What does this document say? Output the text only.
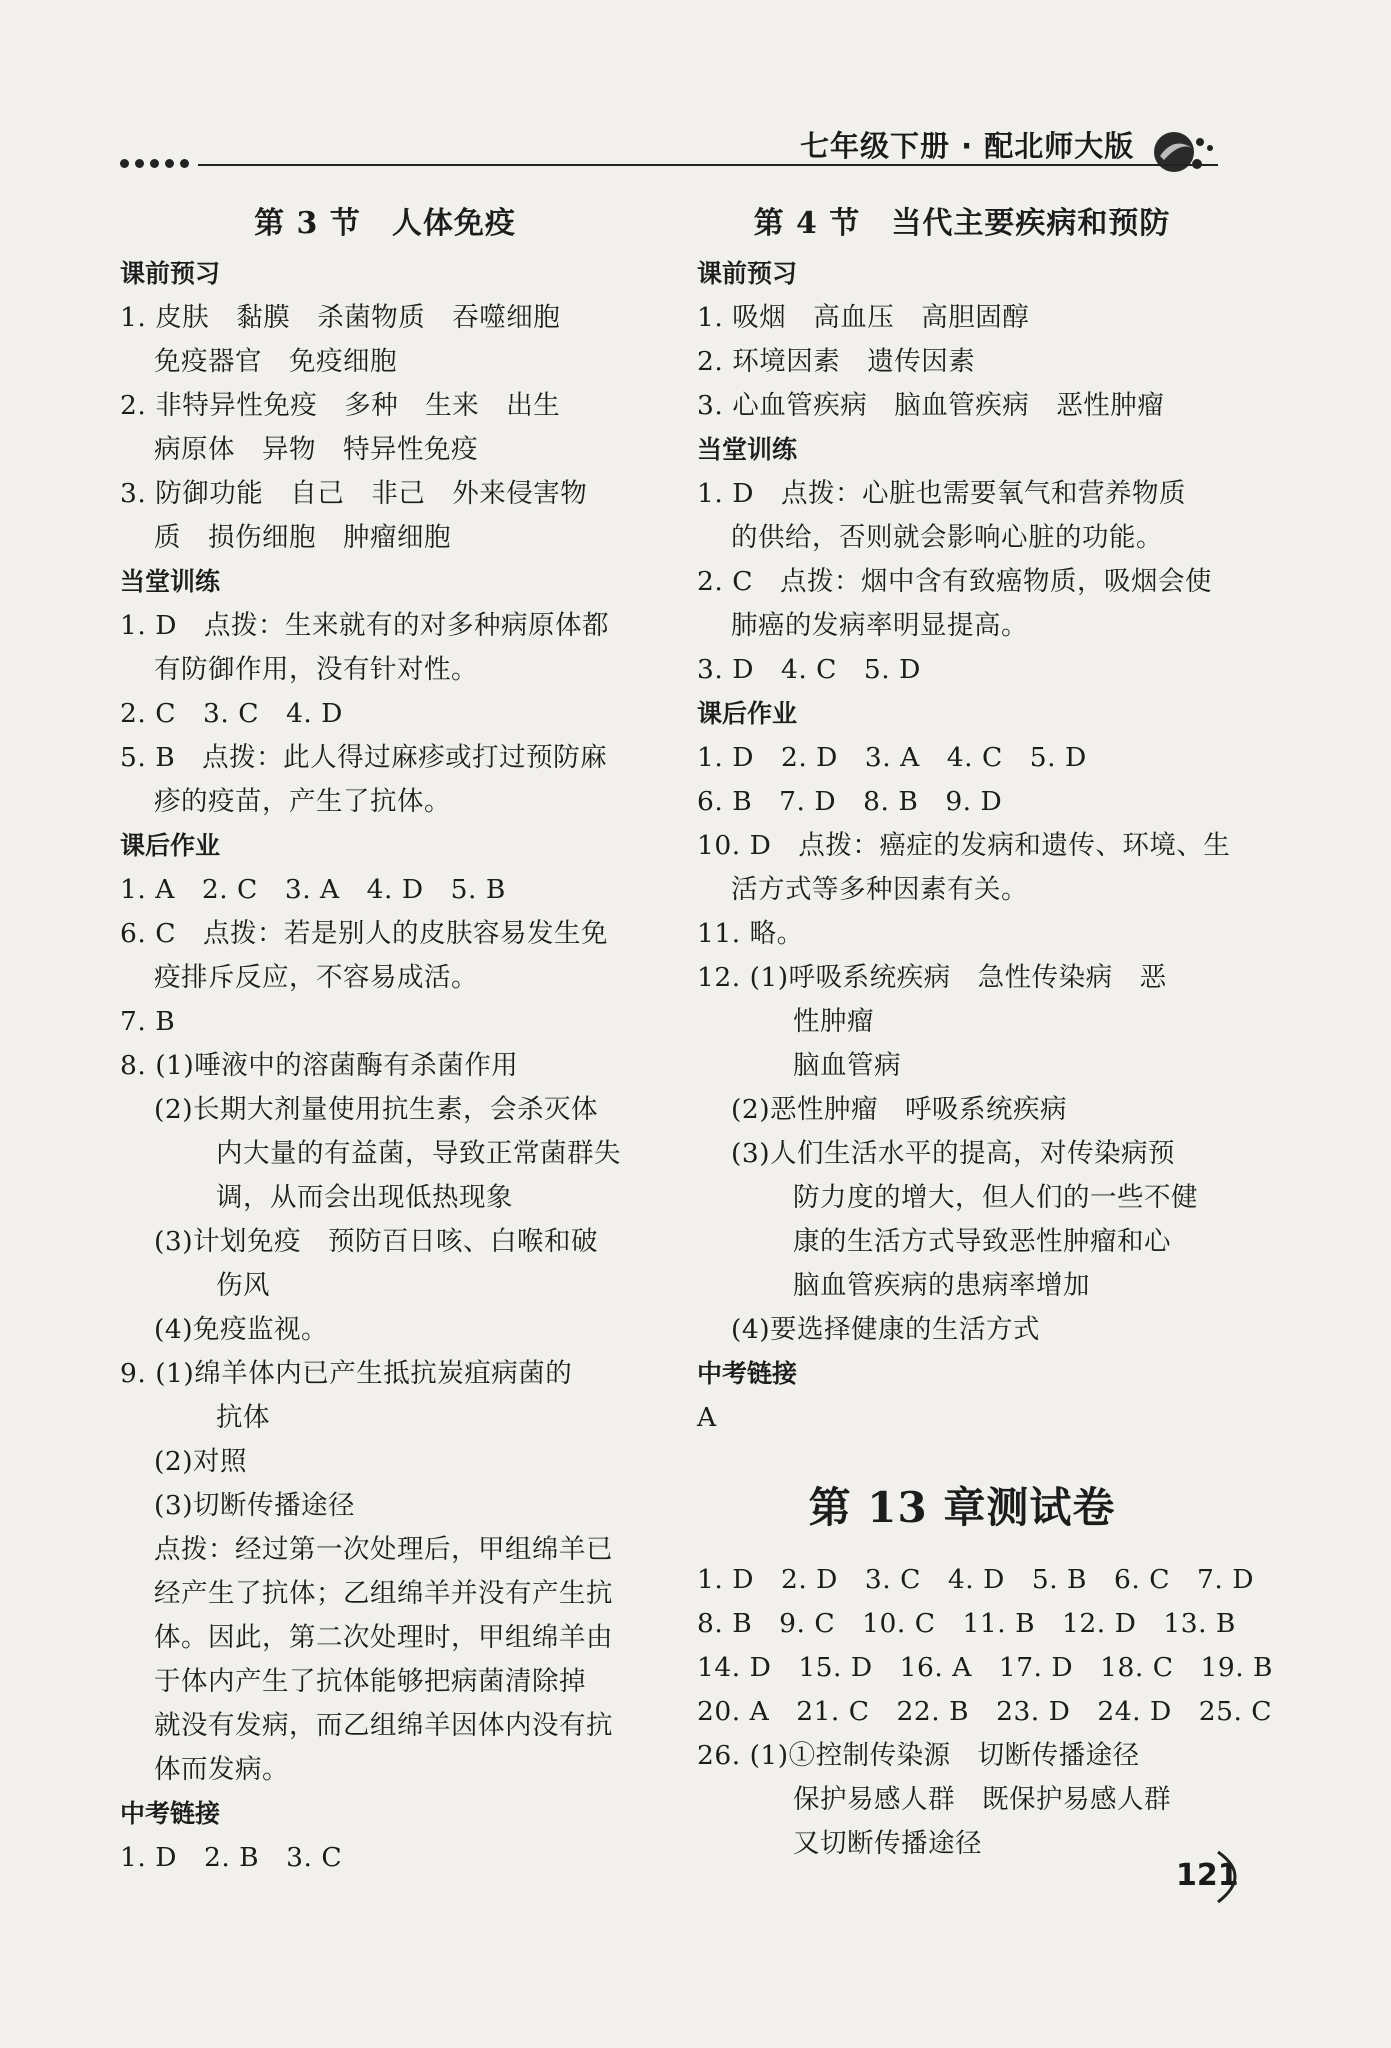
七年级下册 · 配北师大版
第 3 节　人体免疫
课前预习
1. 皮肤　黏膜　杀菌物质　吞噬细胞
免疫器官　免疫细胞
2. 非特异性免疫　多种　生来　出生
病原体　异物　特异性免疫
3. 防御功能　自己　非己　外来侵害物
质　损伤细胞　肿瘤细胞
当堂训练
1. D　点拨：生来就有的对多种病原体都
有防御作用，没有针对性。
2. C　3. C　4. D
5. B　点拨：此人得过麻疹或打过预防麻
疹的疫苗，产生了抗体。
课后作业
1. A　2. C　3. A　4. D　5. B
6. C　点拨：若是别人的皮肤容易发生免
疫排斥反应，不容易成活。
7. B
8. (1)唾液中的溶菌酶有杀菌作用
(2)长期大剂量使用抗生素，会杀灭体
内大量的有益菌，导致正常菌群失
调，从而会出现低热现象
(3)计划免疫　预防百日咳、白喉和破
伤风
(4)免疫监视。
9. (1)绵羊体内已产生抵抗炭疽病菌的
抗体
(2)对照
(3)切断传播途径
点拨：经过第一次处理后，甲组绵羊已
经产生了抗体；乙组绵羊并没有产生抗
体。因此，第二次处理时，甲组绵羊由
于体内产生了抗体能够把病菌清除掉
就没有发病，而乙组绵羊因体内没有抗
体而发病。
中考链接
1. D　2. B　3. C
第 4 节　当代主要疾病和预防
课前预习
1. 吸烟　高血压　高胆固醇
2. 环境因素　遗传因素
3. 心血管疾病　脑血管疾病　恶性肿瘤
当堂训练
1. D　点拨：心脏也需要氧气和营养物质
的供给，否则就会影响心脏的功能。
2. C　点拨：烟中含有致癌物质，吸烟会使
肺癌的发病率明显提高。
3. D　4. C　5. D
课后作业
1. D　2. D　3. A　4. C　5. D
6. B　7. D　8. B　9. D
10. D　点拨：癌症的发病和遗传、环境、生
活方式等多种因素有关。
11. 略。
12. (1)呼吸系统疾病　急性传染病　恶
性肿瘤
脑血管病
(2)恶性肿瘤　呼吸系统疾病
(3)人们生活水平的提高，对传染病预
防力度的增大，但人们的一些不健
康的生活方式导致恶性肿瘤和心
脑血管疾病的患病率增加
(4)要选择健康的生活方式
中考链接
A
第 13 章测试卷
1. D　2. D　3. C　4. D　5. B　6. C　7. D
8. B　9. C　10. C　11. B　12. D　13. B
14. D　15. D　16. A　17. D　18. C　19. B
20. A　21. C　22. B　23. D　24. D　25. C
26. (1)①控制传染源　切断传播途径
保护易感人群　既保护易感人群
又切断传播途径
121
